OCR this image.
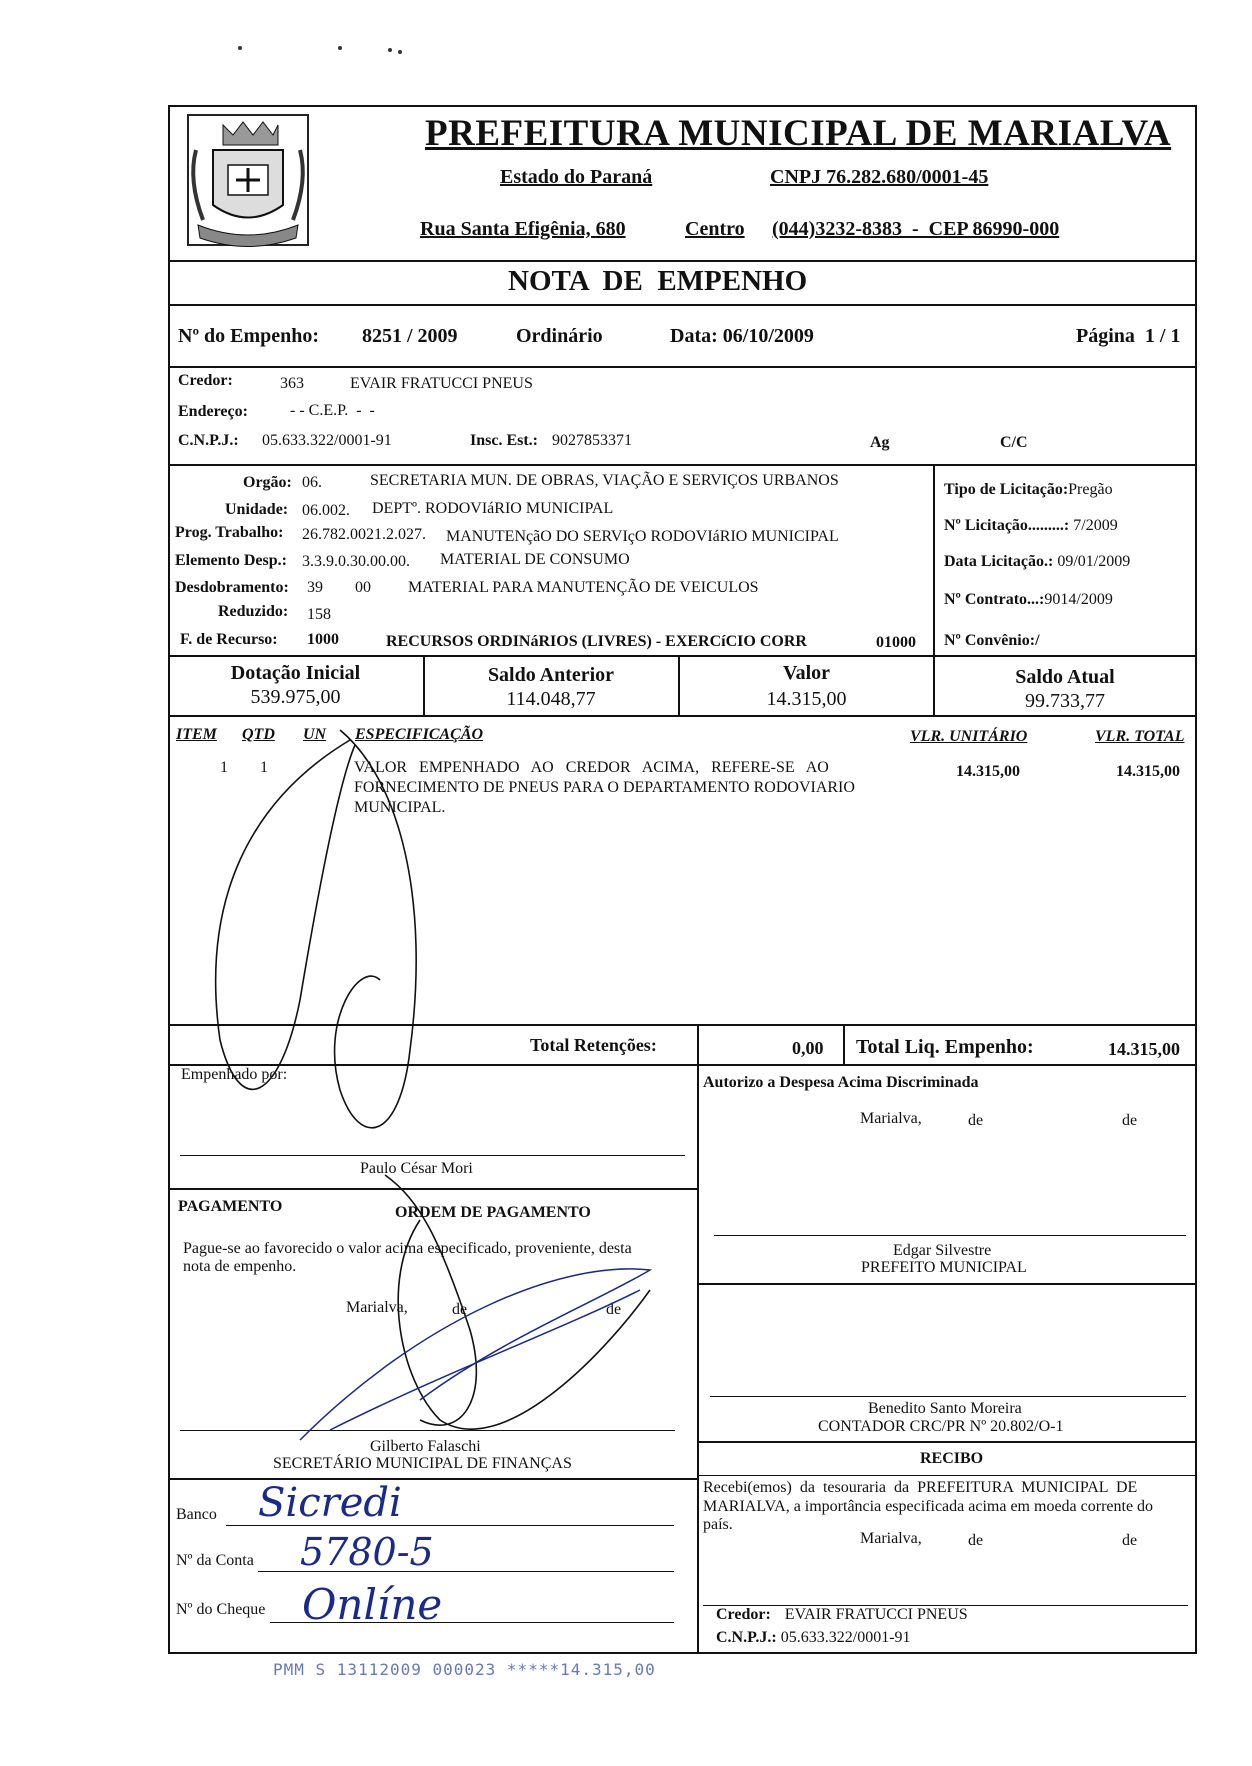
PREFEITURA MUNICIPAL DE MARIALVA
Estado do Paraná	CNPJ 76.282.680/0001-45
Rua Santa Efigênia, 680	Centro (044)3232-8383  -  CEP 86990-000
NOTA  DE  EMPENHO
Nº do Empenho: 8251 / 2009	Ordinário	Data: 06/10/2009	Página  1 / 1
Credor:	363	EVAIR FRATUCCI PNEUS
Endereço:	- - C.E.P.  -  -
C.N.P.J.: 05.633.322/0001-91	Insc. Est.: 9027853371	Ag	C/C
Orgão: 06.	SECRETARIA MUN. DE OBRAS, VIAÇÃO E SERVIÇOS URBANOS
Unidade: 06.002. DEPTº. RODOVIáRIO MUNICIPAL
Prog. Trabalho: 26.782.0021.2.027. MANUTENçãO DO SERVIçO RODOVIáRIO MUNICIPAL
Elemento Desp.: 3.3.9.0.30.00.00. MATERIAL DE CONSUMO
Desdobramento: 39 00 MATERIAL PARA MANUTENÇÃO DE VEICULOS
Reduzido: 158
F. de Recurso: 1000	RECURSOS ORDINáRIOS (LIVRES) - EXERCíCIO CORR	01000
Tipo de Licitação:Pregão
Nº Licitação.........: 7/2009
Data Licitação.: 09/01/2009
Nº Contrato...:9014/2009
Nº Convênio:/
Dotação Inicial
539.975,00
Saldo Anterior
114.048,77
Valor
14.315,00
Saldo Atual
99.733,77
ITEM QTD UN ESPECIFICAÇÃO	VLR. UNITÁRIO	VLR. TOTAL
1 1	VALOR   EMPENHADO   AO   CREDOR   ACIMA,   REFERE-SE   AO
FORNECIMENTO DE PNEUS PARA O DEPARTAMENTO RODOVIARIO
MUNICIPAL.
14.315,00	14.315,00
Total Retenções:	0,00 Total Liq. Empenho:	14.315,00
Empenhado por:
Paulo César Mori
PAGAMENTO	ORDEM DE PAGAMENTO
Pague-se ao favorecido o valor acima especificado, proveniente, desta
nota de empenho.
Marialva,	de	de
Gilberto Falaschi
SECRETÁRIO MUNICIPAL DE FINANÇAS
Banco Sicredi
Nº da Conta 5780-5
Nº do Cheque Onlíne
Autorizo a Despesa Acima Discriminada
Marialva,	de	de
Edgar Silvestre
PREFEITO MUNICIPAL
Benedito Santo Moreira
CONTADOR CRC/PR Nº 20.802/O-1
RECIBO
Recebi(emos) da tesouraria da PREFEITURA MUNICIPAL DE
MARIALVA, a importância especificada acima em moeda corrente do
país.
Marialva,	de	de
Credor: EVAIR FRATUCCI PNEUS
C.N.P.J.: 05.633.322/0001-91
PMM S 13112009 000023 *****14.315,00
